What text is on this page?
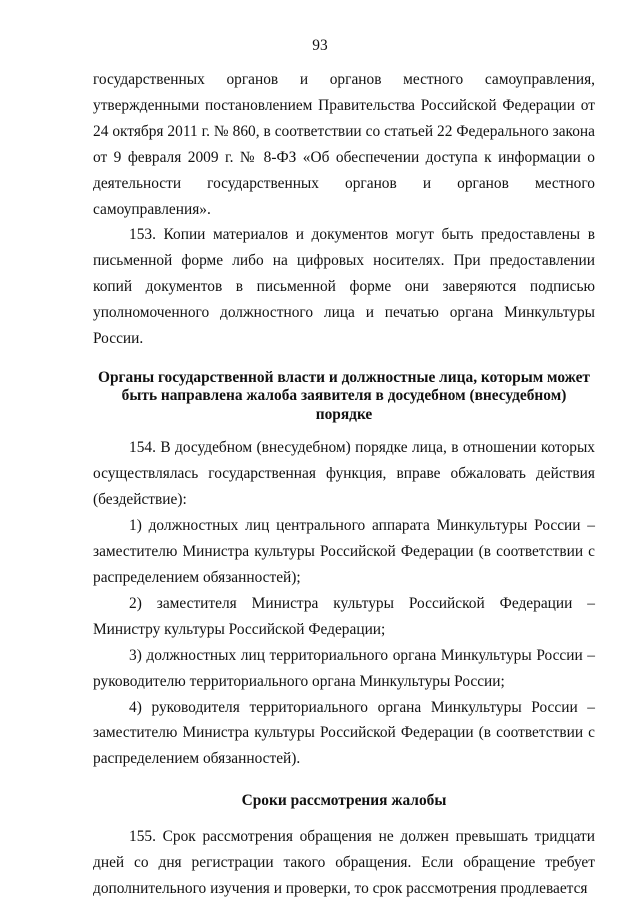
93

государственных органов и органов местного самоуправления, утвержденными постановлением Правительства Российской Федерации от 24 октября 2011 г. № 860, в соответствии со статьей 22 Федерального закона от 9 февраля 2009 г. № 8-ФЗ «Об обеспечении доступа к информации о деятельности государственных органов и органов местного самоуправления».

153. Копии материалов и документов могут быть предоставлены в письменной форме либо на цифровых носителях. При предоставлении копий документов в письменной форме они заверяются подписью уполномоченного должностного лица и печатью органа Минкультуры России.

Органы государственной власти и должностные лица, которым может быть направлена жалоба заявителя в досудебном (внесудебном) порядке

154. В досудебном (внесудебном) порядке лица, в отношении которых осуществлялась государственная функция, вправе обжаловать действия (бездействие):

1) должностных лиц центрального аппарата Минкультуры России – заместителю Министра культуры Российской Федерации (в соответствии с распределением обязанностей);

2) заместителя Министра культуры Российской Федерации – Министру культуры Российской Федерации;

3) должностных лиц территориального органа Минкультуры России – руководителю территориального органа Минкультуры России;

4) руководителя территориального органа Минкультуры России – заместителю Министра культуры Российской Федерации (в соответствии с распределением обязанностей).

Сроки рассмотрения жалобы

155. Срок рассмотрения обращения не должен превышать тридцати дней со дня регистрации такого обращения. Если обращение требует дополнительного изучения и проверки, то срок рассмотрения продлевается
